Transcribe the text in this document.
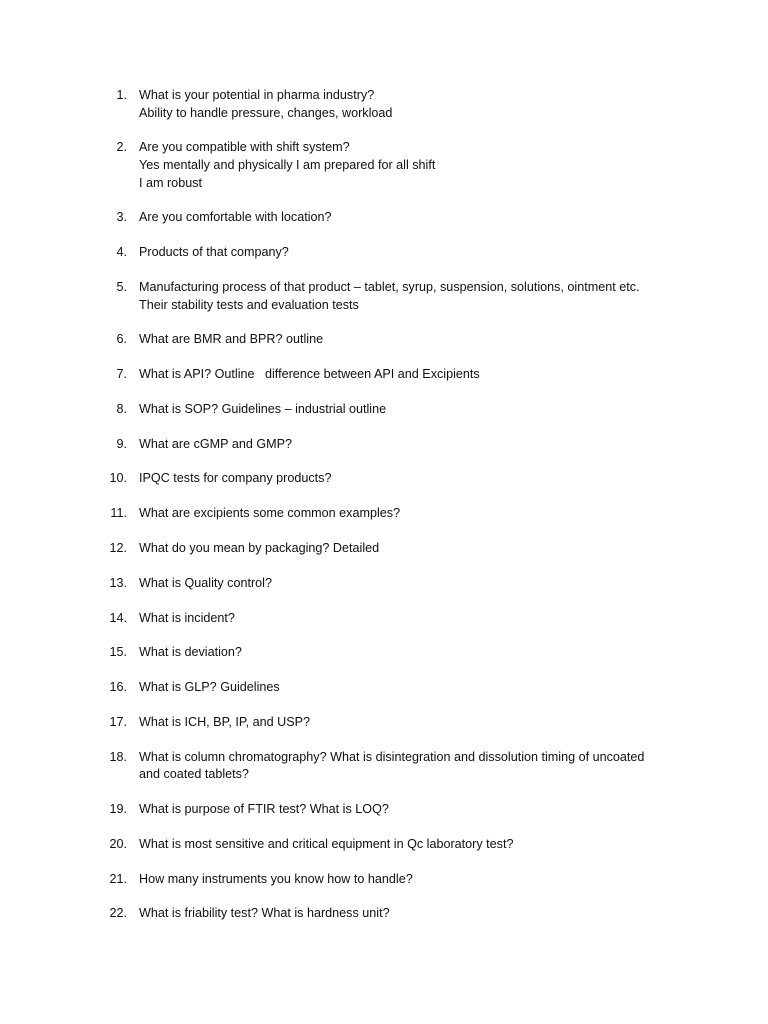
1. What is your potential in pharma industry?
Ability to handle pressure, changes, workload
2. Are you compatible with shift system?
Yes mentally and physically I am prepared for all shift
I am robust
3. Are you comfortable with location?
4. Products of that company?
5. Manufacturing process of that product – tablet, syrup, suspension, solutions, ointment etc.
Their stability tests and evaluation tests
6. What are BMR and BPR? outline
7. What is API? Outline   difference between API and Excipients
8. What is SOP? Guidelines – industrial outline
9. What are cGMP and GMP?
10. IPQC tests for company products?
11. What are excipients some common examples?
12. What do you mean by packaging? Detailed
13. What is Quality control?
14. What is incident?
15. What is deviation?
16. What is GLP? Guidelines
17. What is ICH, BP, IP, and USP?
18. What is column chromatography? What is disintegration and dissolution timing of uncoated
and coated tablets?
19. What is purpose of FTIR test? What is LOQ?
20. What is most sensitive and critical equipment in Qc laboratory test?
21. How many instruments you know how to handle?
22. What is friability test? What is hardness unit?
